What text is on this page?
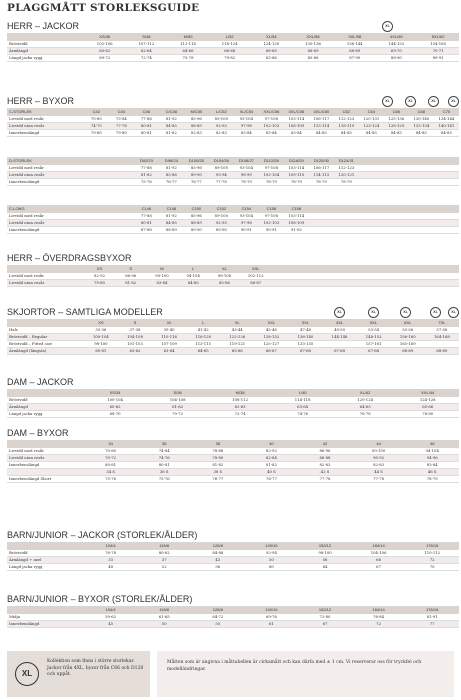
PLAGGMÅTT STORLEKSGUIDE
HERR – JACKOR	XL
	XS/46	S/48	M/50	L/52	XL/54	XXL/56	3XL/58	4XL/60	5XL/62
Bröstvidd	102-106	107-112	112-118	118-124	124-130	130-136	136-144	144-152	154-160
Ärmlängd	60-62	62-64	64-66	66-68	68-69	68-69	68-69	69-70	70-71
Längd jacka rygg	69-72	72-74	75-78	79-82	83-86	85-86	87-90	88-90	89-91
HERR – BYXOR	XL	XL	XL	XL
C-STORLEK	C42	C44	C46	C/C48	M/C50	L/C52	XL/C54	XXL/C56	3XL/C58	4XL/C60	C62	C64	C66	C68	C70
Livvidd med resår	70-80	75-84	77-88	81-92	85-96	89-100	93-104	97-108	103-114	106-117	112-123	120-131	125-136	130-140	134-144
Livvidd utan resår	74-75	77-78	80-81	84-85	88-89	92-93	97-98	102-103	108-109	113-114	118-119	123-124	128-129	133-134	140-141
Innerbenslängd	79-80	79-80	80-81	81-82	82-83	82-83	83-84	83-84	83-84	84-85	84-85	84-85	84-85	84-85	84-85
D-STORLEK			D92/23	D96/24	D100/25	D104/26	D108/27	D112/28	D116/29	D120/30	D124/31				
Livvidd med resår			77-88	81-92	85-96	89-100	93-104	97-108	103-114	106-117	112-123				
Livvidd utan resår			81-82	85-86	89-90	93-94	98-99	102-104	109-110	114-115	120-121				
Innerbenslängd			75-76	76-77	76-77	77-78	78-79	78-79	78-79	78-79	78-79				
C-LONG			C146	C148	C150	C152	C154	C156	C158						
Livvidd med resår			77-88	81-92	85-96	89-100	93-104	97-108	103-114						
Livvidd utan resår			80-81	84-85	88-89	92-93	97-98	102-103	108-109						
Innerbenslängd			87-88	88-89	89-90	89-90	90-91	90-91	91-92						
HERR – ÖVERDRAGSBYXOR
	XS	S	M	L	XL	XXL						
Livvidd med resår	82-92	86-96	90-100	94-104	98-108	102-112						
Livvidd utan resår	79-80	81-82	83-84	84-85	85-86	86-87						
SKJORTOR – SAMTLIGA MODELLER	XL	XL	XL	XL	XL
	XS	S	M	L	XL	XXL	3XL	4XL	5XL	6XL	7XL
Hals	35-36	37-38	39-40	41-42	43-44	45-46	47-48	49-50	53-54	55-56	57-58
Bröstvidd – Regular	100-104	104-108	110-116	116-120	122-126	128-132	136-140	144-148	148-152	156-160	164-168
Bröstvidd – Fitted size	98-100	101-103	107-109	113-115	119-121	125-127	133-135		157-161	165-169	
Ärmlängd (längsta)	60-61	63-62	63-64	64-65	65-66	66-67	67-68	67-68	67-68	68-69	68-69
DAM – JACKOR
	XS/34	S/36	M/38	L/40	XL/42	XXL/44
Bröstvidd	100-104	104-108	108-112	114-118	120-124	124-128
Ärmlängd	60-62	61-62	62-63	63-64	64-65	65-66
Längd jacka rygg	68-70	70-72	72-74	74-76	76-78	78-80
DAM – BYXOR
	34	36	38	40	42	44	46
Livvidd med resår	70-80	74-84	78-88	82-92	86-96	90-100	94-104
Livvidd utan resår	70-72	74-76	78-80	82-84	86-88	90-92	94-96
Innerbenslängd	80-81	80-81	81-82	81-82	82-83	82-83	83-84
	34 S	36 S	38 S	40 S	42 S	44 S	46 S
Innerbenslängd Short	75-76	75-76	76-77	76-77	77-78	77-78	78-79
BARN/JUNIOR – JACKOR (STORLEK/ÅLDER)
	104/4	116/6	128/8	140/10	152/12	164/14	176/16
Bröstvidd	76-78	80-82	84-88	92-94	98-100	104-106	110-112
Ärmlängd + axel	33	37	43	50	56	66	72
Längd jacka rygg	48	52	56	60	64	67	70
BARN/JUNIOR – BYXOR (STORLEK/ÅLDER)
	104/4	116/6	128/8	140/10	152/12	164/14	176/16
Midja	59-62	61-65	64-72	69-76	72-80	76-84	81-91
Innerbenslängd	45	50	55	61	67	72	77
XL
Kollektion som finns i större storlekar. Jackor från 4XL, byxor från C66 och D128 och uppåt.
Måtten som är angivna i måttabellen är cirkamått och kan därfa med ± 1 cm. Vi reserverar oss för tryckfel och modelländringar.
